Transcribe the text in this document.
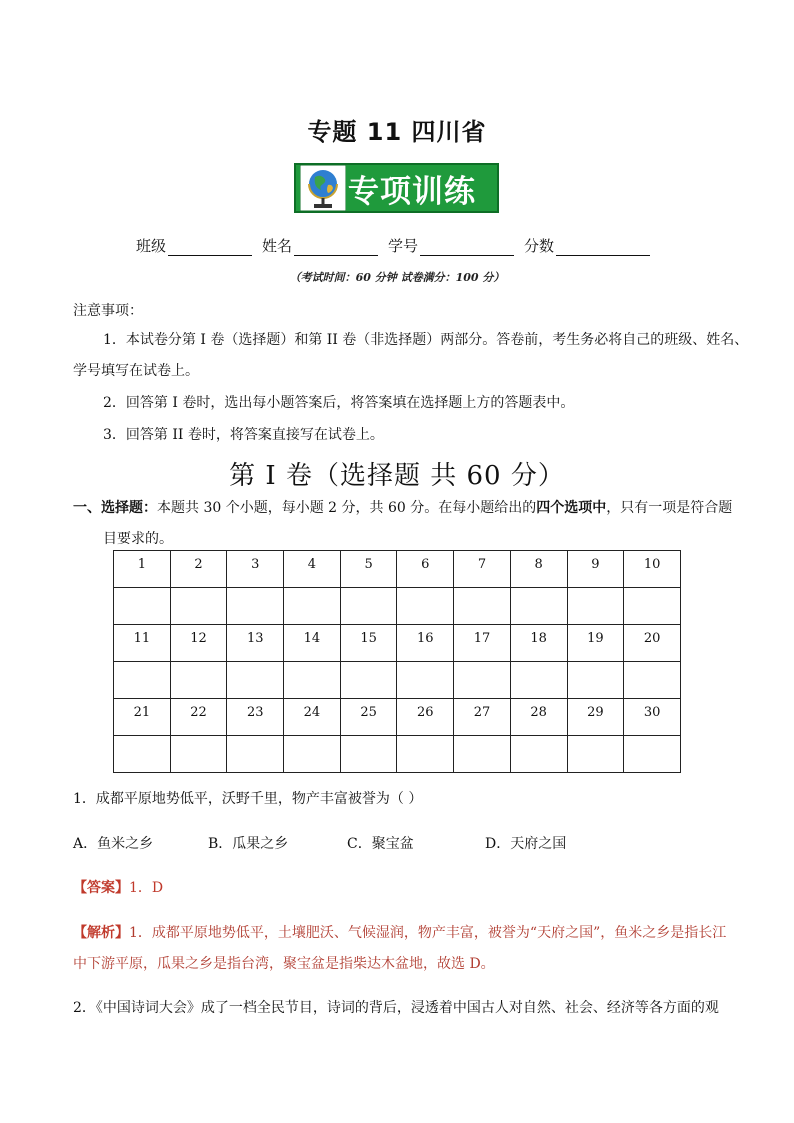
专题 11 四川省
专项训练
班级	姓名	学号	分数
（考试时间：60 分钟 试卷满分：100 分）
注意事项：
1．本试卷分第 I 卷（选择题）和第 II 卷（非选择题）两部分。答卷前，考生务必将自己的班级、姓名、
学号填写在试卷上。
2．回答第 I 卷时，选出每小题答案后，将答案填在选择题上方的答题表中。
3．回答第 II 卷时，将答案直接写在试卷上。
第 I 卷（选择题 共 60 分）
一、选择题：本题共 30 个小题，每小题 2 分，共 60 分。在每小题给出的四个选项中，只有一项是符合题
目要求的。
1	2	3	4	5	6	7	8	9	10

11	12	13	14	15	16	17	18	19	20

21	22	23	24	25	26	27	28	29	30

1．成都平原地势低平，沃野千里，物产丰富被誉为（ ）
A．鱼米之乡	B．瓜果之乡	C．聚宝盆	D．天府之国
【答案】1．D
【解析】1．成都平原地势低平，土壤肥沃、气候湿润，物产丰富，被誉为“天府之国”，鱼米之乡是指长江
中下游平原，瓜果之乡是指台湾，聚宝盆是指柴达木盆地，故选 D。
2．《中国诗词大会》成了一档全民节目，诗词的背后，浸透着中国古人对自然、社会、经济等各方面的观
